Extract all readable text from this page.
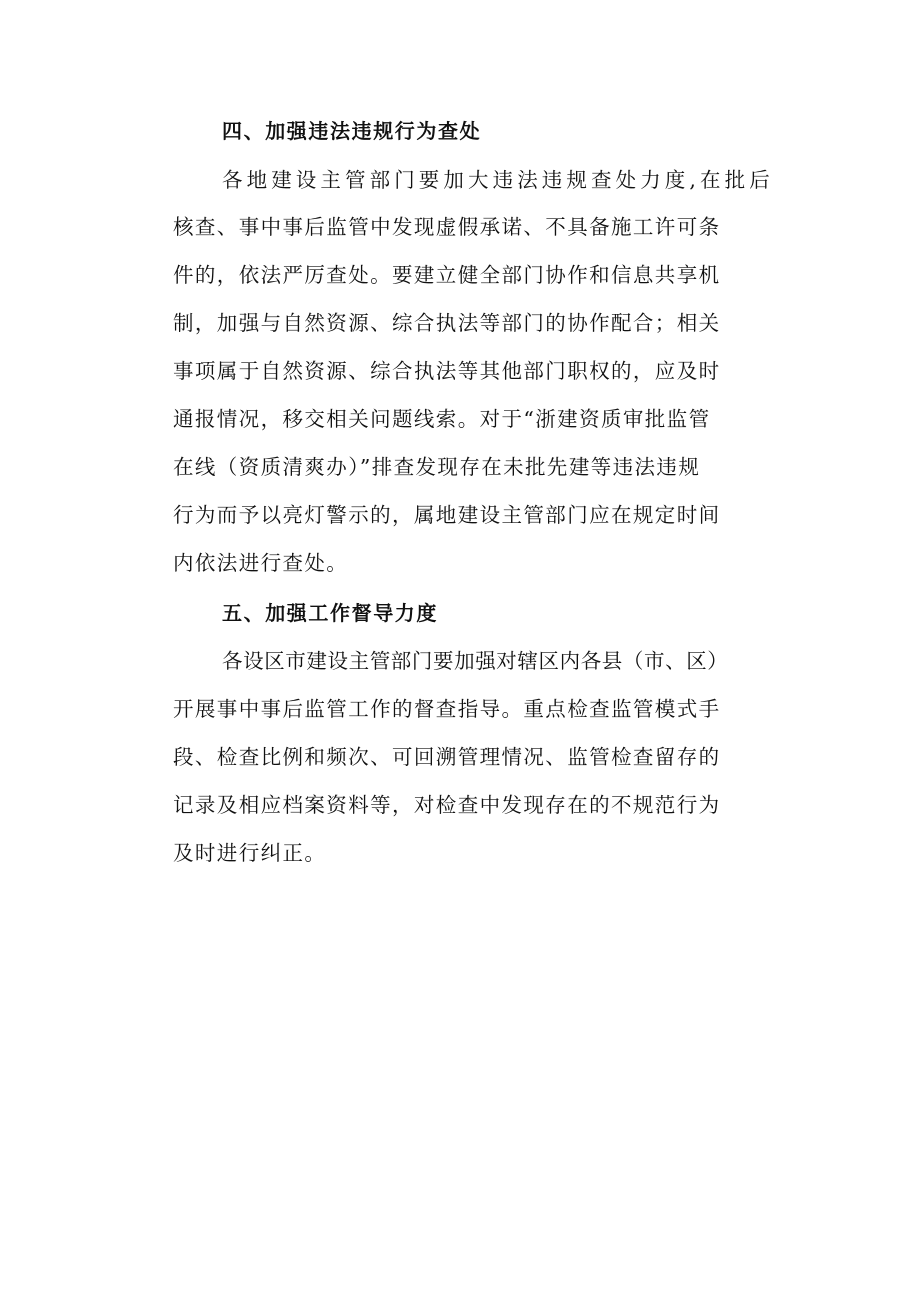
四、加强违法违规行为查处

各地建设主管部门要加大违法违规查处力度,在批后

核查、事中事后监管中发现虚假承诺、不具备施工许可条

件的，依法严厉查处。要建立健全部门协作和信息共享机

制，加强与自然资源、综合执法等部门的协作配合；相关

事项属于自然资源、综合执法等其他部门职权的，应及时

通报情况，移交相关问题线索。对于“浙建资质审批监管

在线（资质清爽办）”排查发现存在未批先建等违法违规

行为而予以亮灯警示的，属地建设主管部门应在规定时间

内依法进行查处。

五、加强工作督导力度

各设区市建设主管部门要加强对辖区内各县（市、区）

开展事中事后监管工作的督查指导。重点检查监管模式手

段、检查比例和频次、可回溯管理情况、监管检查留存的

记录及相应档案资料等，对检查中发现存在的不规范行为

及时进行纠正。
